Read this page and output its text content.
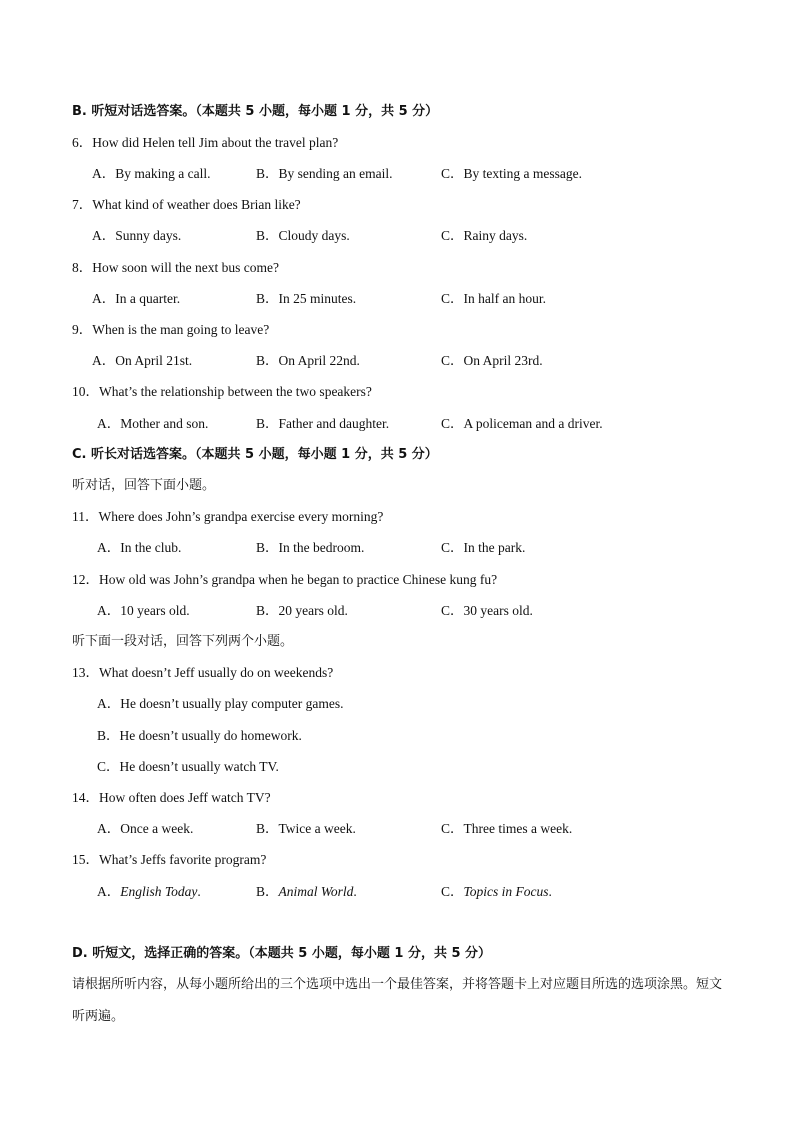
B. 听短对话选答案。（本题共 5 小题，每小题 1 分，共 5 分）
6．How did Helen tell Jim about the travel plan?
A．By making a call.	B．By sending an email.	C．By texting a message.
7．What kind of weather does Brian like?
A．Sunny days.	B．Cloudy days.	C．Rainy days.
8．How soon will the next bus come?
A．In a quarter.	B．In 25 minutes.	C．In half an hour.
9．When is the man going to leave?
A．On April 21st.	B．On April 22nd.	C．On April 23rd.
10．What’s the relationship between the two speakers?
A．Mother and son.	B．Father and daughter.	C．A policeman and a driver.
C. 听长对话选答案。（本题共 5 小题，每小题 1 分，共 5 分）
听对话，回答下面小题。
11．Where does John’s grandpa exercise every morning?
A．In the club.	B．In the bedroom.	C．In the park.
12．How old was John’s grandpa when he began to practice Chinese kung fu?
A．10 years old.	B．20 years old.	C．30 years old.
听下面一段对话，回答下列两个小题。
13．What doesn’t Jeff usually do on weekends?
A．He doesn’t usually play computer games.
B．He doesn’t usually do homework.
C．He doesn’t usually watch TV.
14．How often does Jeff watch TV?
A．Once a week.	B．Twice a week.	C．Three times a week.
15．What’s Jeffs favorite program?
A．English Today.	B．Animal World.	C．Topics in Focus.
D. 听短文，选择正确的答案。（本题共 5 小题，每小题 1 分，共 5 分）
请根据所听内容，从每小题所给出的三个选项中选出一个最佳答案，并将答题卡上对应题目所选的选项涂黑。短文听两遍。
